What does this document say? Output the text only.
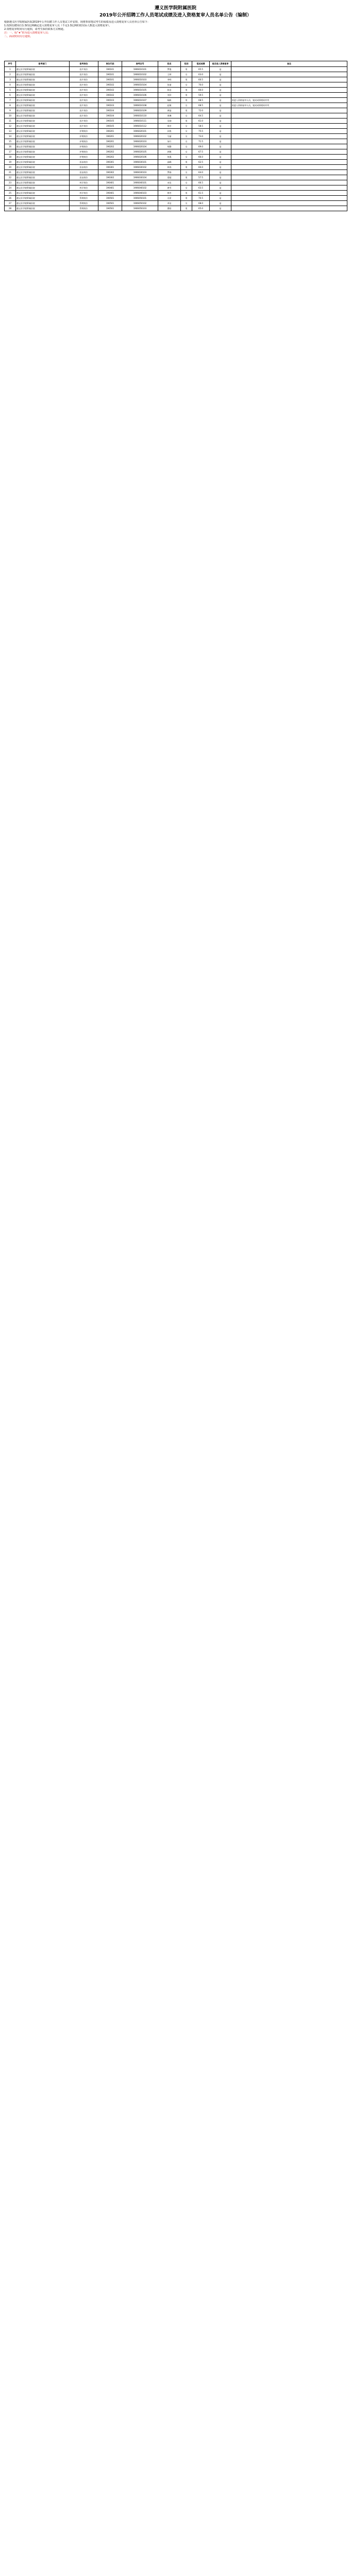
遵义医学院附属医院
2019年公开招聘工作人员笔试成绩及进入资格复审人员名单公告（编制）
根据遵义医学院附属医院2019年公开招聘工作人员笔试工作安排，现将参加笔试考生的成绩及进入资格复审人员名单公告如下：
1.按照招聘岗位1:3的比例确定进入资格复审人员（不足1:3比例的按实际人数进入资格复审）。
2.资格复审时间另行通知，请考生保持联系方式畅通。
注：一、标“★”的为进入资格复审人员；
二、面试时间另行通知。
序号	报考部门	报考岗位	岗位代码	准考证号	姓名	性别	笔试成绩	是否进入资格复审	备注
1	遵义医学院附属医院	医疗岗位	190101	1906010101	罗俊	男	65.5	是	
2	遵义医学院附属医院	医疗岗位	190101	1906010102	王婷	女	63.0	是	
3	遵义医学院附属医院	医疗岗位	190101	1906010103	李明	男	60.5	是	
4	遵义医学院附属医院	医疗岗位	190102	1906010104	张丽	女	70.0	是	
5	遵义医学院附属医院	医疗岗位	190102	1906010105	陈浩	男	66.0	是	
6	遵义医学院附属医院	医疗岗位	190102	1906010106	刘洋	男	59.5	是	
7	遵义医学院附属医院	医疗岗位	190103	1906010107	杨帆	男	68.5	是	拟进入资格复审人员，笔试成绩相同并列
8	遵义医学院附属医院	医疗岗位	190103	1906010108	赵敏	女	68.5	是	拟进入资格复审人员，笔试成绩相同并列
9	遵义医学院附属医院	医疗岗位	190104	1906010109	黄磊	男	72.0	是	
10	遵义医学院附属医院	医疗岗位	190104	1906010110	周琳	女	64.5	是	
11	遵义医学院附属医院	医疗岗位	190105	1906010111	吴刚	男	61.0	是	
12	遵义医学院附属医院	医疗岗位	190105	1906010112	郑芳	女	58.5	是	
13	遵义医学院附属医院	护理岗位	190201	1906020101	孙悦	女	75.5	是	
14	遵义医学院附属医院	护理岗位	190201	1906020102	马丽	女	73.0	是	
15	遵义医学院附属医院	护理岗位	190201	1906020103	朱红	女	71.5	是	
16	遵义医学院附属医院	护理岗位	190202	1906020104	胡静	女	69.0	是	
17	遵义医学院附属医院	护理岗位	190202	1906020105	郭敏	女	67.5	是	
18	遵义医学院附属医院	护理岗位	190202	1906020106	何燕	女	66.0	是	
19	遵义医学院附属医院	医技岗位	190301	1906030101	高峰	男	62.5	是	
20	遵义医学院附属医院	医技岗位	190301	1906030102	林涛	男	60.0	是	
21	遵义医学院附属医院	医技岗位	190302	1906030103	罗娟	女	64.0	是	
22	遵义医学院附属医院	医技岗位	190302	1906030104	梁超	男	57.5	是	
23	遵义医学院附属医院	药学岗位	190401	1906040101	宋佳	女	66.5	是	
24	遵义医学院附属医院	药学岗位	190401	1906040102	唐雪	女	63.5	是	
25	遵义医学院附属医院	药学岗位	190401	1906040103	韩冬	男	61.5	是	
26	遵义医学院附属医院	管理岗位	190501	1906050101	冯雷	男	70.5	是	
27	遵义医学院附属医院	管理岗位	190501	1906050102	邓洁	女	68.0	是	
28	遵义医学院附属医院	管理岗位	190501	1906050103	曹阳	男	65.0	是	
